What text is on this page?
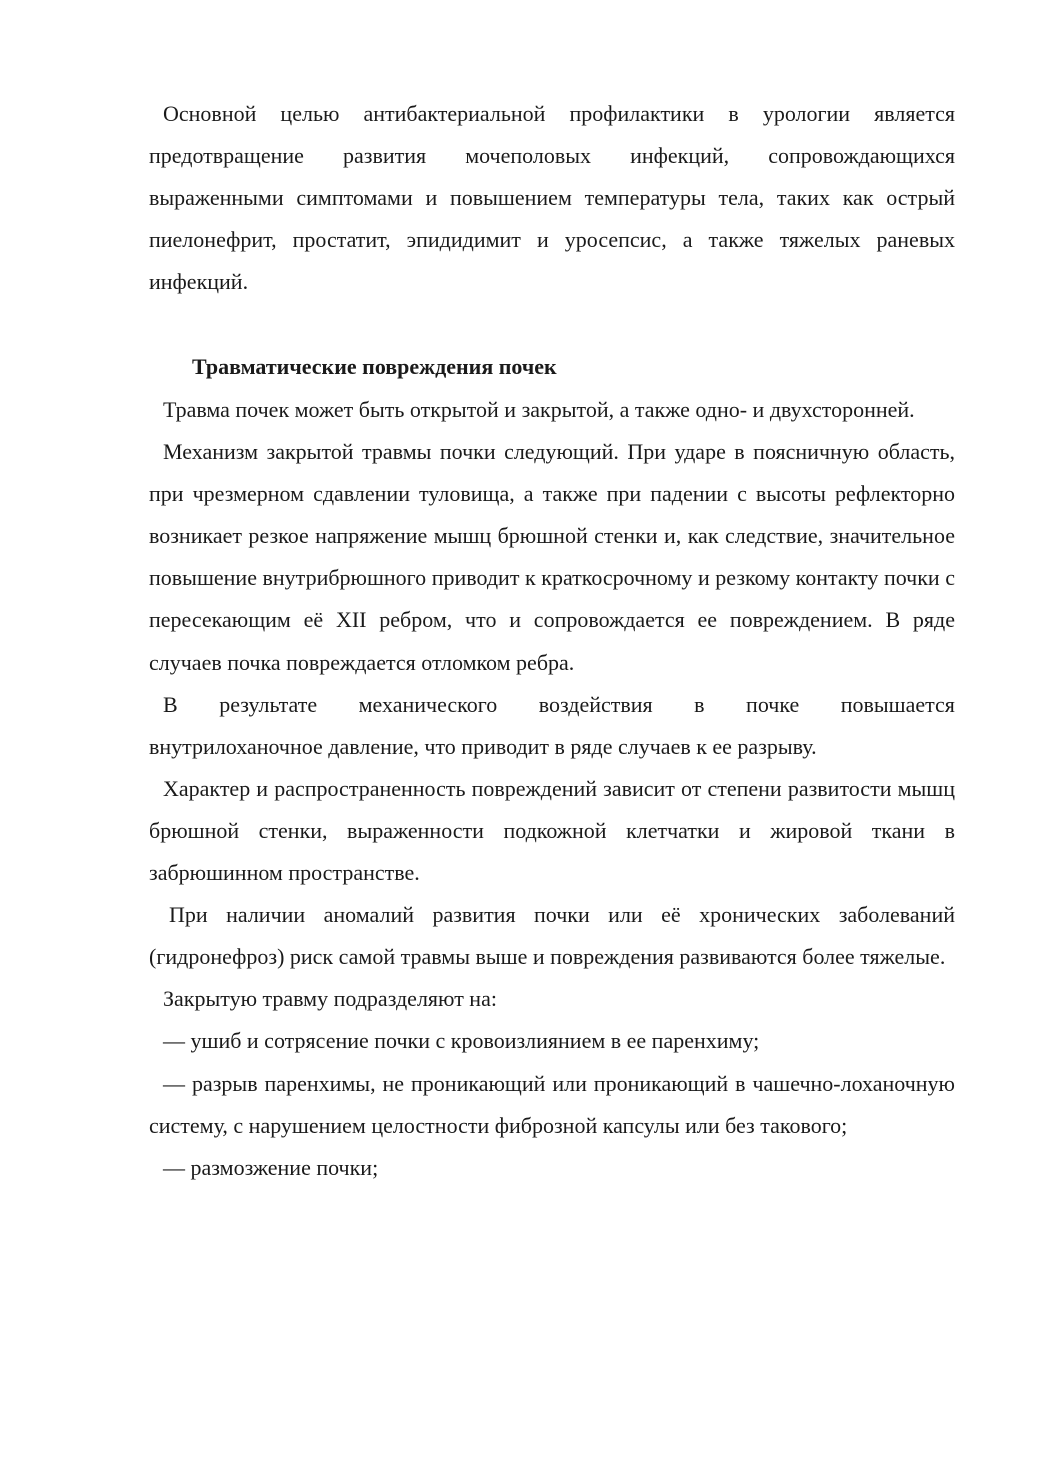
Основной целью антибактериальной профилактики в урологии является предотвращение развития мочеполовых инфекций, сопровождающихся выраженными симптомами и повышением температуры тела, таких как острый пиелонефрит, простатит, эпидидимит и уросепсис, а также тяжелых раневых инфекций.

Травматические повреждения почек

Травма почек может быть открытой и закрытой, а также одно- и двухсторонней.

Механизм закрытой травмы почки следующий. При ударе в поясничную область, при чрезмерном сдавлении туловища, а также при падении с высоты рефлекторно возникает резкое напряжение мышц брюшной стенки и, как следствие, значительное повышение внутрибрюшного приводит к краткосрочному и резкому контакту почки с пересекающим её XII ребром, что и сопровождается ее повреждением. В ряде случаев почка повреждается отломком ребра.

В результате механического воздействия в почке повышается

внутрилоханочное давление, что приводит в ряде случаев к ее разрыву.

Характер и распространенность повреждений зависит от степени развитости мышц брюшной стенки, выраженности подкожной клетчатки и жировой ткани в забрюшинном пространстве.

При наличии аномалий развития почки или её хронических заболеваний (гидронефроз) риск самой травмы выше и повреждения развиваются более тяжелые.

Закрытую травму подразделяют на:

— ушиб и сотрясение почки с кровоизлиянием в ее паренхиму;

— разрыв паренхимы, не проникающий или проникающий в чашечно-лоханочную систему, с нарушением целостности фиброзной капсулы или без такового;

— размозжение почки;
